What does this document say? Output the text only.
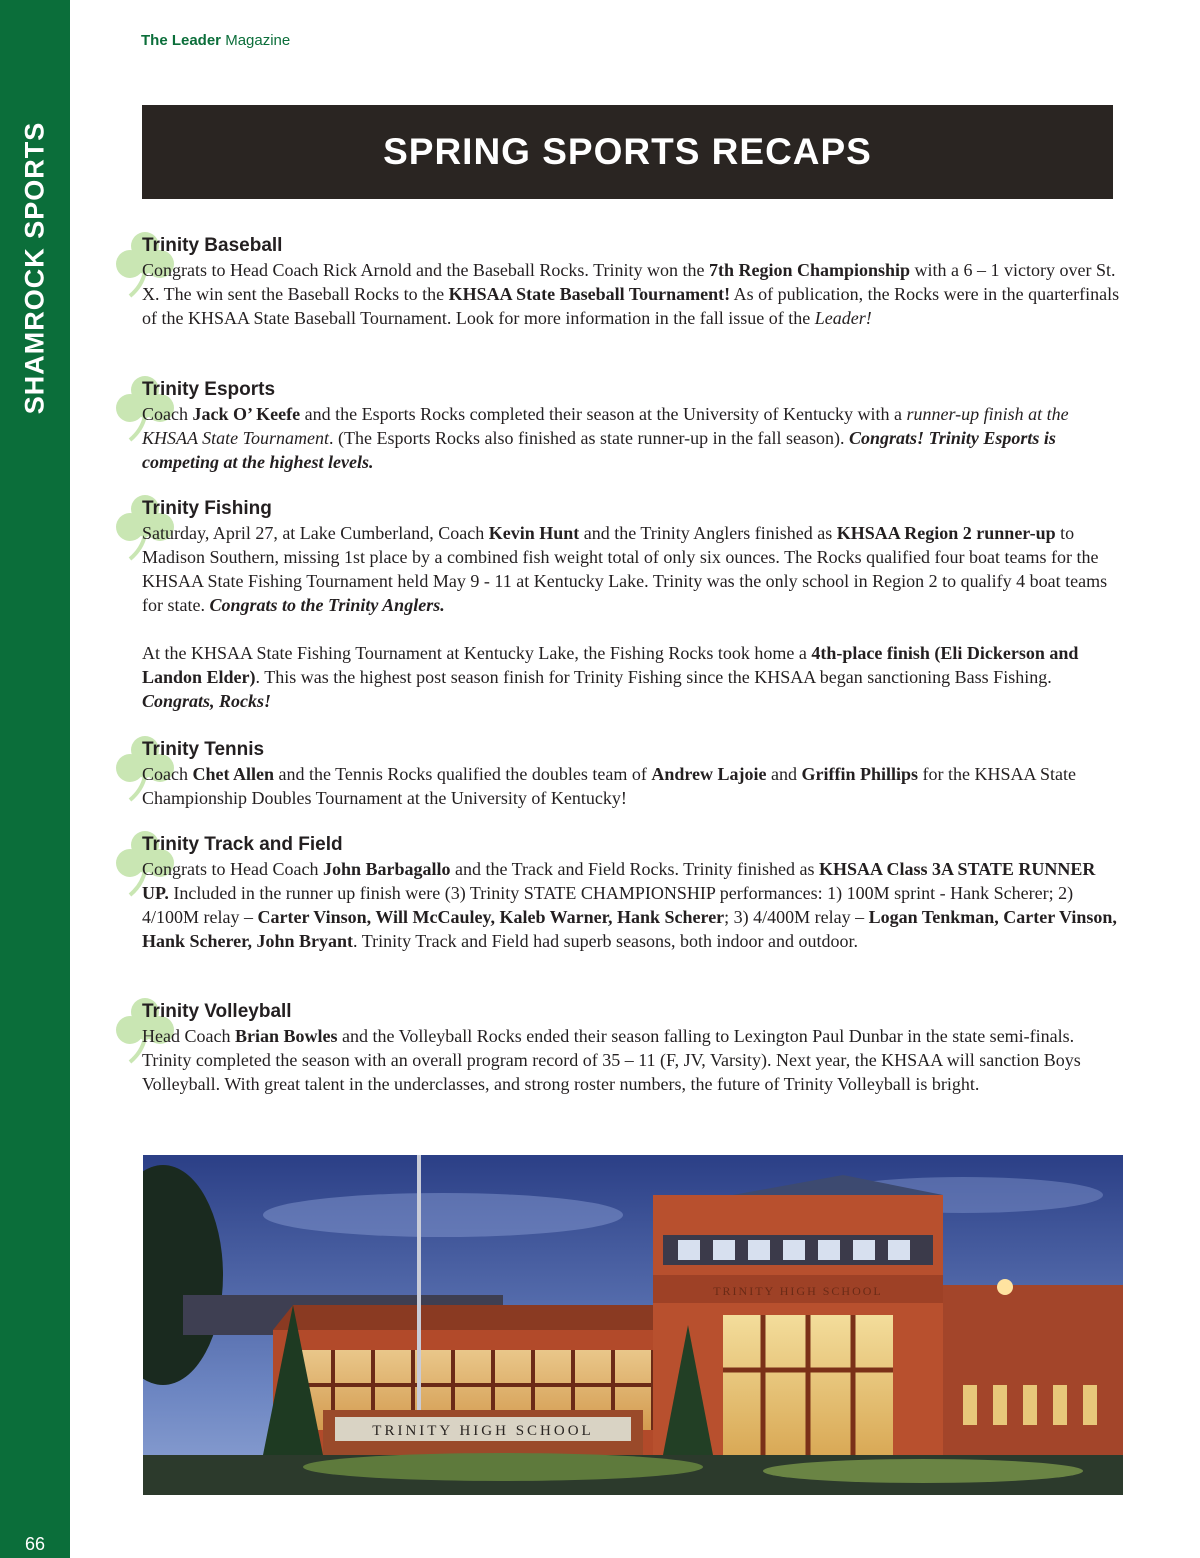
SHAMROCK SPORTS
66
The Leader Magazine
SPRING SPORTS RECAPS
Trinity Baseball

Congrats to Head Coach Rick Arnold and the Baseball Rocks. Trinity won the 7th Region Championship with a 6 – 1 victory over St. X. The win sent the Baseball Rocks to the KHSAA State Baseball Tournament! As of publication, the Rocks were in the quarterfinals of the KHSAA State Baseball Tournament. Look for more information in the fall issue of the Leader!

Trinity Esports

Coach Jack O’ Keefe and the Esports Rocks completed their season at the University of Kentucky with a runner-up finish at the KHSAA State Tournament. (The Esports Rocks also finished as state runner-up in the fall season). Congrats! Trinity Esports is competing at the highest levels.

Trinity Fishing

Saturday, April 27, at Lake Cumberland, Coach Kevin Hunt and the Trinity Anglers finished as KHSAA Region 2 runner-up to Madison Southern, missing 1st place by a combined fish weight total of only six ounces. The Rocks qualified four boat teams for the KHSAA State Fishing Tournament held May 9 - 11 at Kentucky Lake. Trinity was the only school in Region 2 to qualify 4 boat teams for state. Congrats to the Trinity Anglers.

At the KHSAA State Fishing Tournament at Kentucky Lake, the Fishing Rocks took home a 4th-place finish (Eli Dickerson and Landon Elder). This was the highest post season finish for Trinity Fishing since the KHSAA began sanctioning Bass Fishing. Congrats, Rocks!

Trinity Tennis

Coach Chet Allen and the Tennis Rocks qualified the doubles team of Andrew Lajoie and Griffin Phillips for the KHSAA State Championship Doubles Tournament at the University of Kentucky!

Trinity Track and Field

Congrats to Head Coach John Barbagallo and the Track and Field Rocks. Trinity finished as KHSAA Class 3A STATE RUNNER UP. Included in the runner up finish were (3) Trinity STATE CHAMPIONSHIP performances: 1) 100M sprint - Hank Scherer; 2) 4/100M relay – Carter Vinson, Will McCauley, Kaleb Warner, Hank Scherer; 3) 4/400M relay – Logan Tenkman, Carter Vinson, Hank Scherer, John Bryant. Trinity Track and Field had superb seasons, both indoor and outdoor.

Trinity Volleyball

Head Coach Brian Bowles and the Volleyball Rocks ended their season falling to Lexington Paul Dunbar in the state semi-finals. Trinity completed the season with an overall program record of 35 – 11 (F, JV, Varsity). Next year, the KHSAA will sanction Boys Volleyball. With great talent in the underclasses, and strong roster numbers, the future of Trinity Volleyball is bright.

TRINITY HIGH SCHOOL
TRINITY HIGH SCHOOL
